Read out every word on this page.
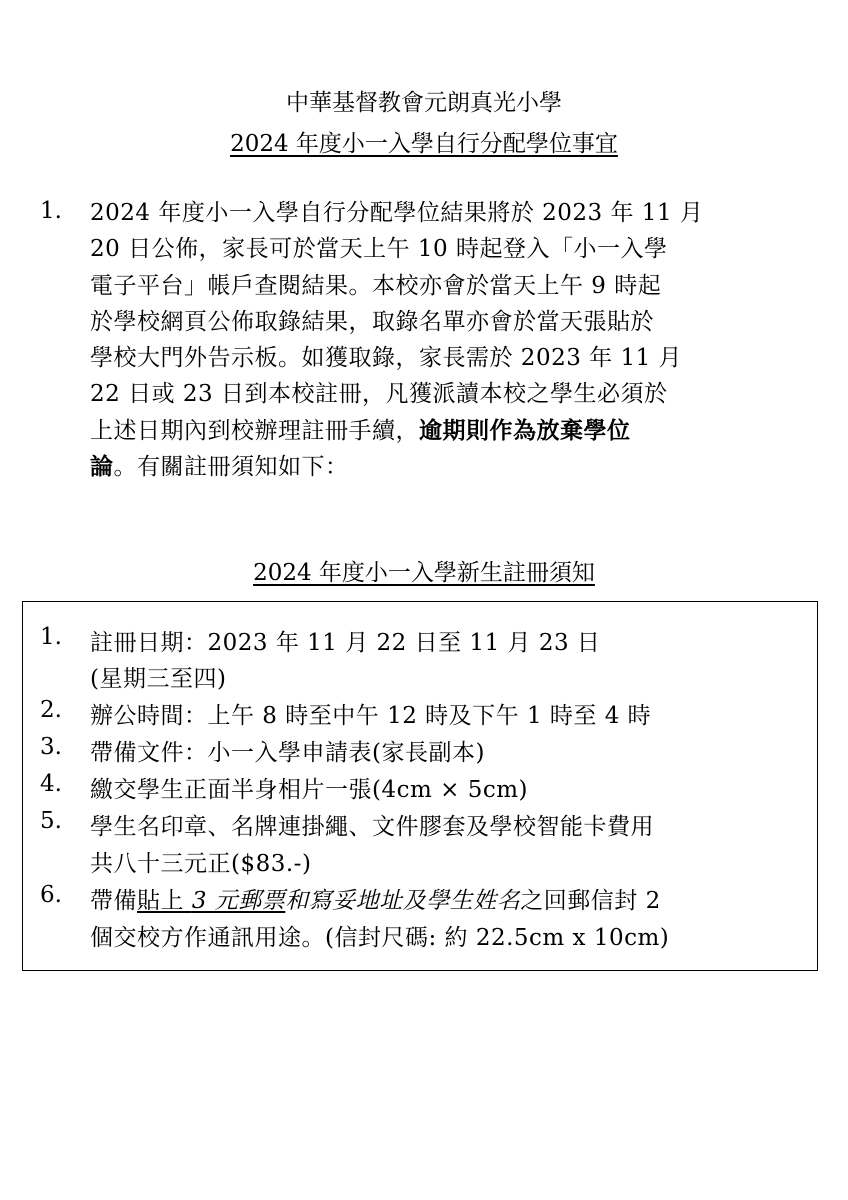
中華基督教會元朗真光小學
2024 年度小一入學自行分配學位事宜
1. 2024 年度小一入學自行分配學位結果將於 2023 年 11 月
20 日公佈，家長可於當天上午 10 時起登入「小一入學
電子平台」帳戶查閱結果。本校亦會於當天上午 9 時起
於學校網頁公佈取錄結果，取錄名單亦會於當天張貼於
學校大門外告示板。如獲取錄，家長需於 2023 年 11 月
22 日或 23 日到本校註冊，凡獲派讀本校之學生必須於
上述日期內到校辦理註冊手續，逾期則作為放棄學位
論。有關註冊須知如下：
2024 年度小一入學新生註冊須知
1. 註冊日期：2023 年 11 月 22 日至 11 月 23 日
(星期三至四)
2. 辦公時間：上午 8 時至中午 12 時及下午 1 時至 4 時
3. 帶備文件：小一入學申請表(家長副本)
4. 繳交學生正面半身相片一張(4cm × 5cm)
5. 學生名印章、名牌連掛繩、文件膠套及學校智能卡費用
共八十三元正($83.-)
6. 帶備貼上 3 元郵票和寫妥地址及學生姓名之回郵信封 2
個交校方作通訊用途。(信封尺碼: 約 22.5cm x 10cm)
